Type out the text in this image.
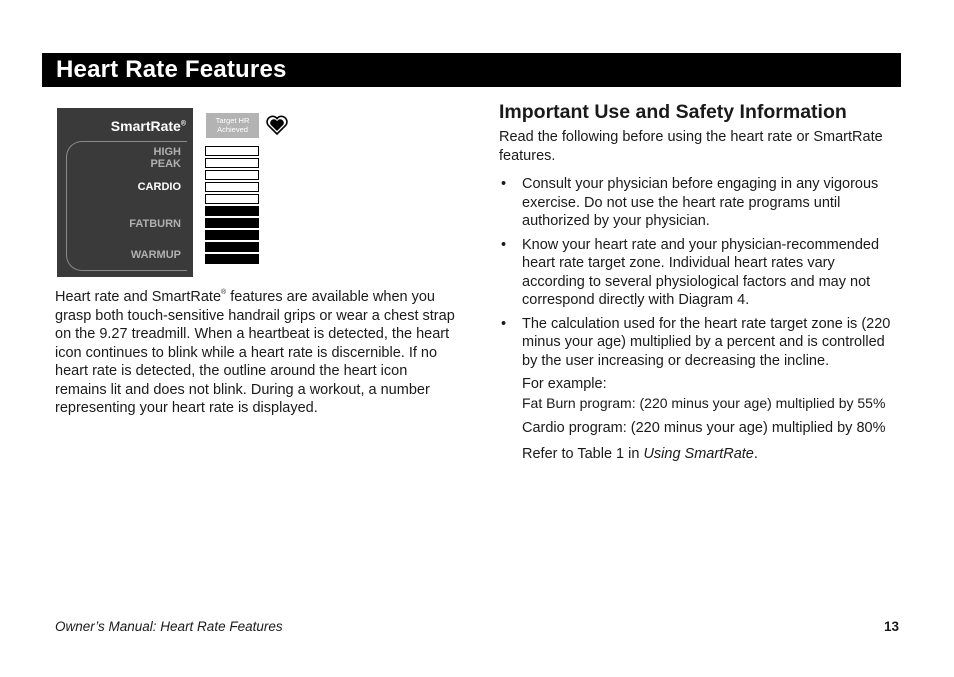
Heart Rate Features
SmartRate®
HIGH
PEAK
CARDIO
FATBURN
WARMUP
Target HR
Achieved

Heart rate and SmartRate® features are available when you grasp both touch-sensitive handrail grips or wear a chest strap on the 9.27 treadmill. When a heartbeat is detected, the heart icon continues to blink while a heart rate is discernible. If no heart rate is detected, the outline around the heart icon remains lit and does not blink. During a workout, a number representing your heart rate is displayed.

Important Use and Safety Information

Read the following before using the heart rate or SmartRate features.

• Consult your physician before engaging in any vigorous exercise. Do not use the heart rate programs until authorized by your physician.
• Know your heart rate and your physician-recommended heart rate target zone. Individual heart rates vary according to several physiological factors and may not correspond directly with Diagram 4.
• The calculation used for the heart rate target zone is (220 minus your age) multiplied by a percent and is controlled by the user increasing or decreasing the incline.

For example:

Fat Burn program: (220 minus your age) multiplied by 55%

Cardio program: (220 minus your age) multiplied by 80%

Refer to Table 1 in Using SmartRate.

Owner’s Manual: Heart Rate Features	13
